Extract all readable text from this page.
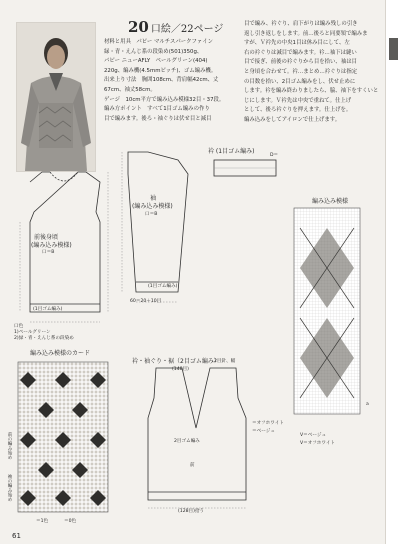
20 口絵／22ページ

材料と用具　パピー マルチスパークファイン

緑・青・えんじ系の段染め(501)350g、

パピー ニューAFLY　ペールグリーン(404)

220g、編み機(4.5mmピッチ)、ゴム編み機。

出来上り寸法　胸囲108cm、背肩幅42cm、丈

67cm、袖丈58cm。

ゲージ　10cm平方で編み込み模様32目・37段。

編み方ポイント　すべて1目ゴム編みの作り

目で編みます。後ろ・袖ぐりは伏せ目と減目

目で編み、衿ぐり、肩下がりは編み残しの引き

返し引き返しをします。前…後ろと同要領で編みま

すが、Ｖ衿先の中央1目は休み目にして、左

右の衿ぐりは減目で編みます。衿…袖下は縫い

目で接ぎ、前後の衿ぐりから目を拾い、袖は目

と身頃を合わせて。衿…まとめ…衿ぐりは指定

の目数を拾い、2目ゴム編みをし、伏せ止めに

します。衿を編み終わりましたら、脇、袖下をすくいと

じにします。Ｖ衿先は中央で重ねて。仕上げ

として、後ろ衿ぐりを押えます。仕上げを。

編み込みをしてアイロンで仕上げます。

前後身頃
(編み込み模様)
口＝B
(1目ゴム編み)
口色
1)ペールグリーン
2)緑・青・えんじ系の段染め
袖
(編み込み模様)
口＝B
(1目ゴム編み)
60＝20＋10目
衿 (1目ゴム編み)
D＝
編み込み模様
a
＝オフホワイト
＝ベージュ
V＝ベージュ
V＝オフホワイト
編み込み模様のカード
前の編み始め
袖の編み始め
＝1色	＝0色
衿・袖ぐり・裾（2目ゴム編み）
2目針、幅
(148目)
2目ゴム編み
前
(128目)拾う
61
